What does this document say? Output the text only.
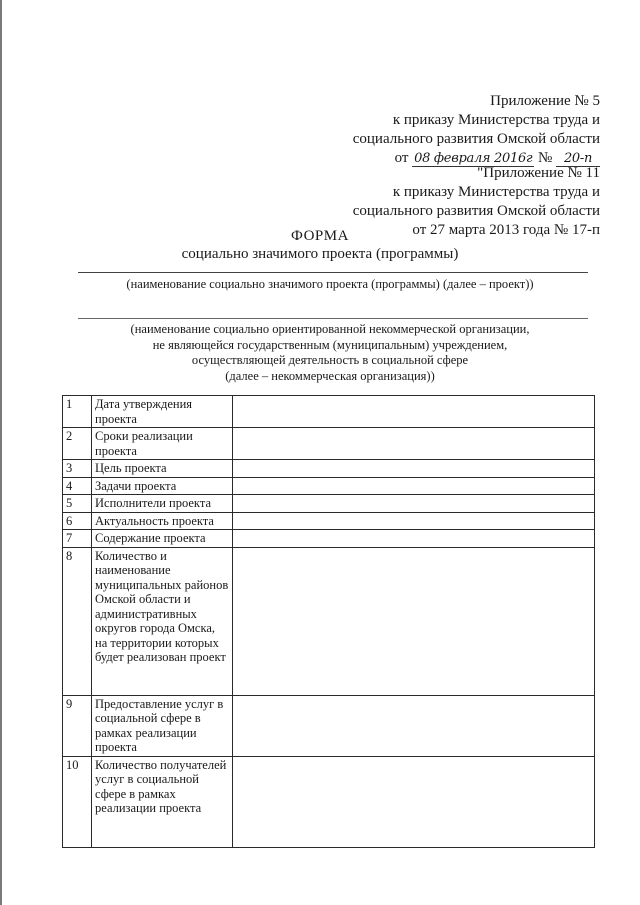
Приложение № 5
к приказу Министерства труда и
социального развития Омской области
от 08 февраля 2016г № 20-п
"Приложение № 11
к приказу Министерства труда и
социального развития Омской области
от 27 марта 2013 года № 17-п
ФОРМА
социально значимого проекта (программы)
(наименование социально значимого проекта (программы) (далее – проект))
(наименование социально ориентированной некоммерческой организации,
не являющейся государственным (муниципальным) учреждением,
осуществляющей деятельность в социальной сфере
(далее – некоммерческая организация))
1	Дата утверждения проекта	
2	Сроки реализации проекта	
3	Цель проекта	
4	Задачи проекта	
5	Исполнители проекта	
6	Актуальность проекта	
7	Содержание проекта	
8	Количество и наименование муниципальных районов Омской области и административных округов города Омска, на территории которых будет реализован проект	
9	Предоставление услуг в социальной сфере в рамках реализации проекта	
10	Количество получателей услуг в социальной сфере в рамках реализации проекта	
